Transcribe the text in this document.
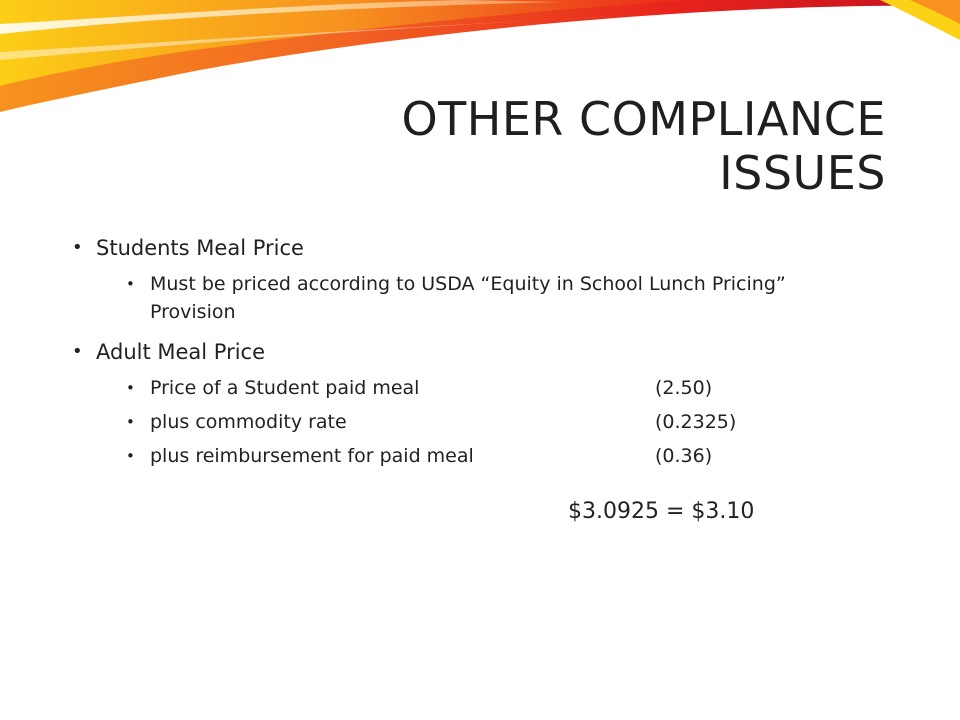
OTHER COMPLIANCE
ISSUES
• Students Meal Price
• Must be priced according to USDA “Equity in School Lunch Pricing” Provision
• Adult Meal Price
• Price of a Student paid meal	(2.50)
• plus commodity rate	(0.2325)
• plus reimbursement for paid meal	(0.36)
$3.0925 = $3.10
